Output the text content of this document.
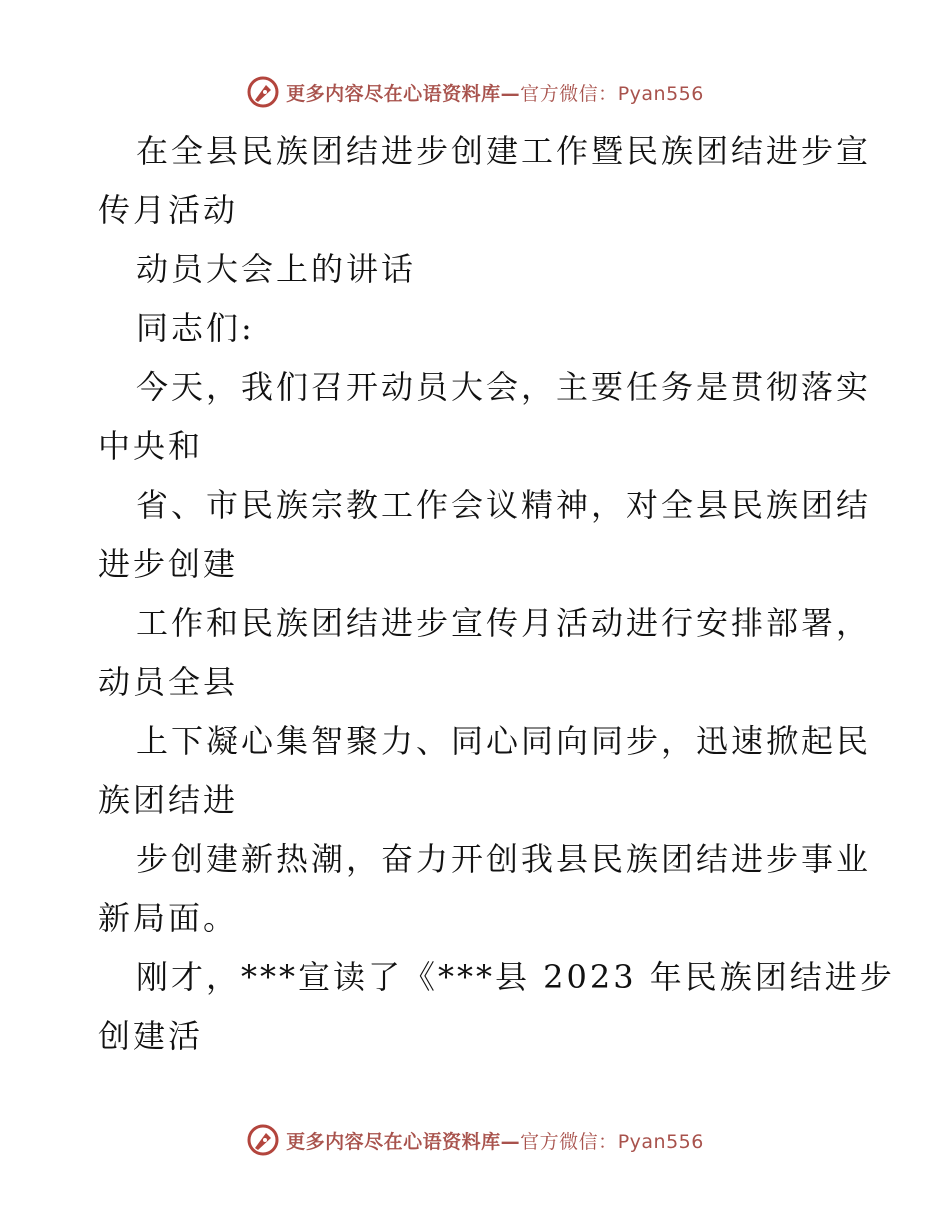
更多内容尽在心语资料库—官方微信：Pyan556
在全县民族团结进步创建工作暨民族团结进步宣
传月活动
动员大会上的讲话
同志们:
今天，我们召开动员大会，主要任务是贯彻落实
中央和
省、市民族宗教工作会议精神，对全县民族团结
进步创建
工作和民族团结进步宣传月活动进行安排部署，
动员全县
上下凝心集智聚力、同心同向同步，迅速掀起民
族团结进
步创建新热潮，奋力开创我县民族团结进步事业
新局面。
刚才，***宣读了《***县 2023 年民族团结进步
创建活
更多内容尽在心语资料库—官方微信：Pyan556
